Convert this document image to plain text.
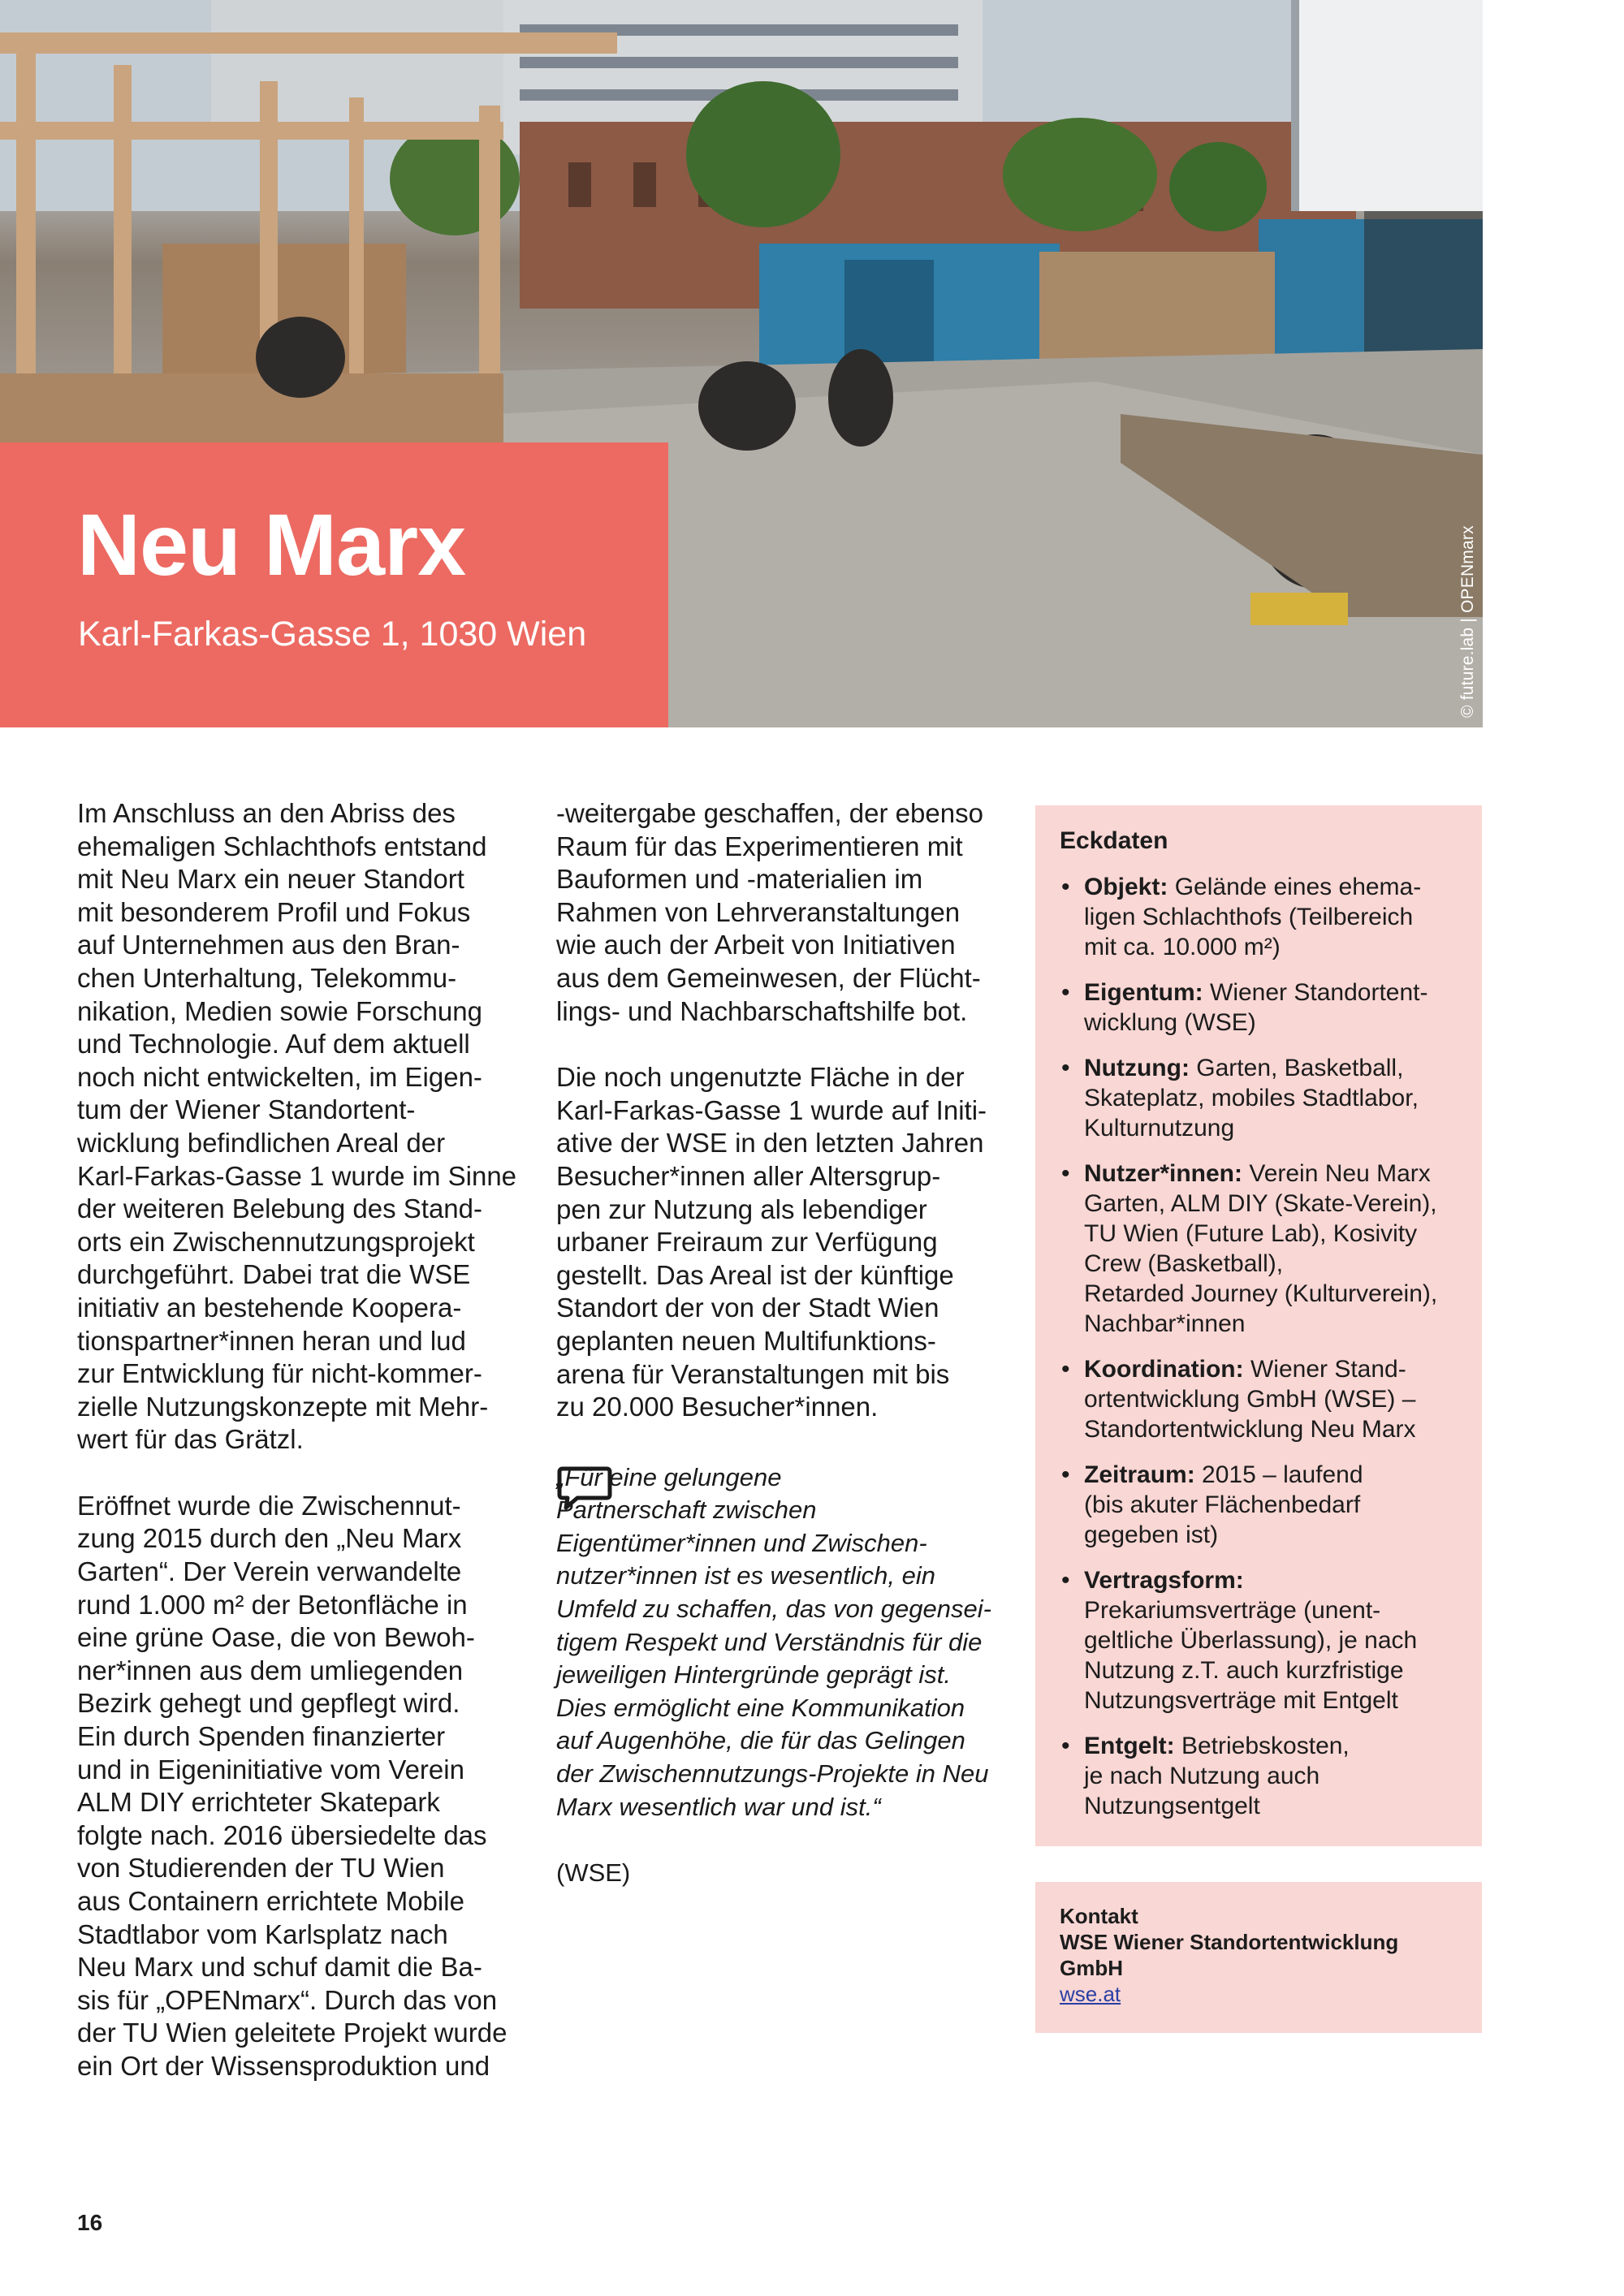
© future.lab | OPENmarx
Neu Marx

Karl-Farkas-Gasse 1, 1030 Wien

Im Anschluss an den Abriss des
ehemaligen Schlachthofs entstand
mit Neu Marx ein neuer Standort
mit besonderem Profil und Fokus
auf Unternehmen aus den Bran-
chen Unterhaltung, Telekommu-
nikation, Medien sowie Forschung
und Technologie. Auf dem aktuell
noch nicht entwickelten, im Eigen-
tum der Wiener Standortent-
wicklung befindlichen Areal der
Karl-Farkas-Gasse 1 wurde im Sinne
der weiteren Belebung des Stand-
orts ein Zwischennutzungsprojekt
durchgeführt. Dabei trat die WSE
initiativ an bestehende Koopera-
tionspartner*innen heran und lud
zur Entwicklung für nicht-kommer-
zielle Nutzungskonzepte mit Mehr-
wert für das Grätzl.

Eröffnet wurde die Zwischennut-
zung 2015 durch den „Neu Marx
Garten“. Der Verein verwandelte
rund 1.000 m² der Betonfläche in
eine grüne Oase, die von Bewoh-
ner*innen aus dem umliegenden
Bezirk gehegt und gepflegt wird.
Ein durch Spenden finanzierter
und in Eigeninitiative vom Verein
ALM DIY errichteter Skatepark
folgte nach. 2016 übersiedelte das
von Studierenden der TU Wien
aus Containern errichtete Mobile
Stadtlabor vom Karlsplatz nach
Neu Marx und schuf damit die Ba-
sis für „OPENmarx“. Durch das von
der TU Wien geleitete Projekt wurde
ein Ort der Wissensproduktion und

-weitergabe geschaffen, der ebenso
Raum für das Experimentieren mit
Bauformen und -materialien im
Rahmen von Lehrveranstaltungen
wie auch der Arbeit von Initiativen
aus dem Gemeinwesen, der Flücht-
lings- und Nachbarschaftshilfe bot.

Die noch ungenutzte Fläche in der
Karl-Farkas-Gasse 1 wurde auf Initi-
ative der WSE in den letzten Jahren
Besucher*innen aller Altersgrup-
pen zur Nutzung als lebendiger
urbaner Freiraum zur Verfügung
gestellt. Das Areal ist der künftige
Standort der von der Stadt Wien
geplanten neuen Multifunktions-
arena für Veranstaltungen mit bis
zu 20.000 Besucher*innen.

„Für eine gelungene
Partnerschaft zwischen
Eigentümer*innen und Zwischen-
nutzer*innen ist es wesentlich, ein
Umfeld zu schaffen, das von gegensei-
tigem Respekt und Verständnis für die
jeweiligen Hintergründe geprägt ist.
Dies ermöglicht eine Kommunikation
auf Augenhöhe, die für das Gelingen
der Zwischennutzungs-Projekte in Neu
Marx wesentlich war und ist.“

(WSE)

Eckdaten
• Objekt: Gelände eines ehema-
ligen Schlachthofs (Teilbereich
mit ca. 10.000 m²)
• Eigentum: Wiener Standortent-
wicklung (WSE)
• Nutzung: Garten, Basketball,
Skateplatz, mobiles Stadtlabor,
Kulturnutzung
• Nutzer*innen: Verein Neu Marx
Garten, ALM DIY (Skate-Verein),
TU Wien (Future Lab), Kosivity
Crew (Basketball),
Retarded Journey (Kulturverein),
Nachbar*innen
• Koordination: Wiener Stand-
ortentwicklung GmbH (WSE) –
Standortentwicklung Neu Marx
• Zeitraum: 2015 – laufend
(bis akuter Flächenbedarf
gegeben ist)
• Vertragsform:
Prekariumsverträge (unent-
geltliche Überlassung), je nach
Nutzung z.T. auch kurzfristige
Nutzungsverträge mit Entgelt
• Entgelt: Betriebskosten,
je nach Nutzung auch
Nutzungsentgelt

Kontakt

WSE Wiener Standortentwicklung
GmbH

wse.at

16
